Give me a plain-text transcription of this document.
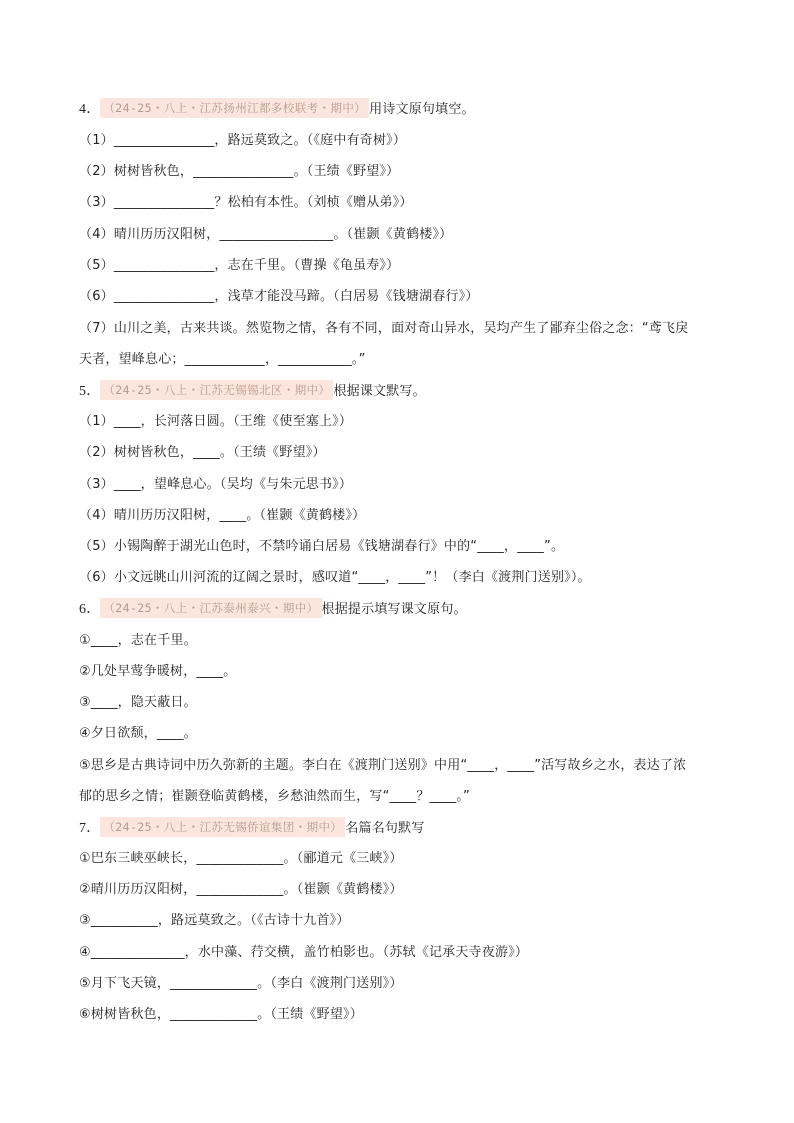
4． （24-25・八上・江苏扬州江都多校联考・期中） 用诗文原句填空。
（1）_______________，路远莫致之。（《庭中有奇树》）
（2）树树皆秋色，_______________。（王绩《野望》）
（3）_______________？松柏有本性。（刘桢《赠从弟》）
（4）晴川历历汉阳树，_________________。（崔颢《黄鹤楼》）
（5）_______________，志在千里。（曹操《龟虽寿》）
（6）_______________，浅草才能没马蹄。（白居易《钱塘湖春行》）
（7）山川之美，古来共谈。然览物之情，各有不同，面对奇山异水，吴均产生了鄙弃尘俗之念：“鸢飞戾
天者，望峰息心；____________，___________。”
5． （24-25・八上・江苏无锡锡北区・期中） 根据课文默写。
（1）____，长河落日圆。（王维《使至塞上》）
（2）树树皆秋色，____。（王绩《野望》）
（3）____，望峰息心。（吴均《与朱元思书》）
（4）晴川历历汉阳树，____。（崔颢《黄鹤楼》）
（5）小锡陶醉于湖光山色时，不禁吟诵白居易《钱塘湖春行》中的“____，____”。
（6）小文远眺山川河流的辽阔之景时，感叹道“____，____”！（李白《渡荆门送别》）。
6． （24-25・八上・江苏泰州泰兴・期中） 根据提示填写课文原句。
①____，志在千里。
②几处早莺争暖树，____。
③____，隐天蔽日。
④夕日欲颓，____。
⑤思乡是古典诗词中历久弥新的主题。李白在《渡荆门送别》中用“____，____”活写故乡之水，表达了浓
郁的思乡之情；崔颢登临黄鹤楼，乡愁油然而生，写“____？____。”
7． （24-25・八上・江苏无锡侨谊集团・期中） 名篇名句默写
①巴东三峡巫峡长，_____________。（郦道元《三峡》）
②晴川历历汉阳树，_____________。（崔颢《黄鹤楼》）
③__________，路远莫致之。（《古诗十九首》）
④______________，水中藻、荇交横，盖竹柏影也。（苏轼《记承天寺夜游》）
⑤月下飞天镜，_____________。（李白《渡荆门送别》）
⑥树树皆秋色，_____________。（王绩《野望》）
